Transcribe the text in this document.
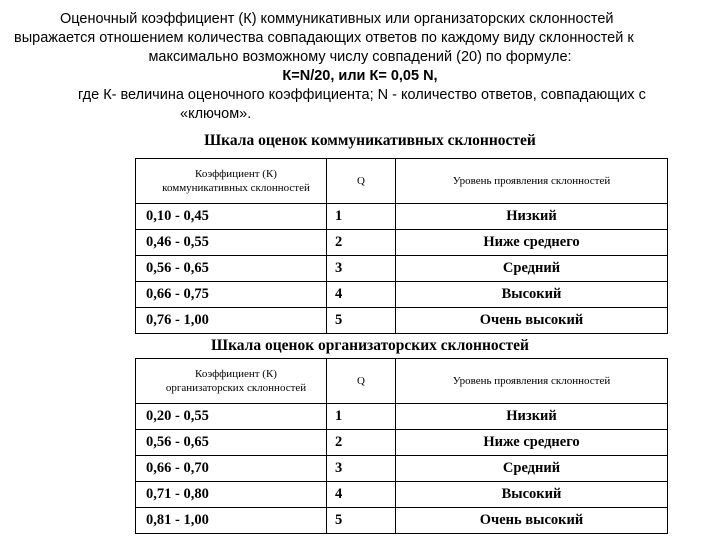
Оценочный коэффициент (К) коммуникативных или организаторских склонностей
выражается отношением количества совпадающих ответов по каждому виду склонностей к
максимально возможному числу совпадений (20) по формуле:
К=N/20, или К= 0,05 N,
где К- величина оценочного коэффициента; N - количество ответов, совпадающих с
«ключом».
Шкала оценок коммуникативных склонностей
Коэффициент (К)
коммуникативных склонностей	Q	Уровень проявления склонностей
0,10 - 0,45	1	Низкий
0,46 - 0,55	2	Ниже среднего
0,56 - 0,65	3	Средний
0,66 - 0,75	4	Высокий
0,76 - 1,00	5	Очень высокий
Шкала оценок организаторских склонностей
Коэффициент (К)
организаторских склонностей	Q	Уровень проявления склонностей
0,20 - 0,55	1	Низкий
0,56 - 0,65	2	Ниже среднего
0,66 - 0,70	3	Средний
0,71 - 0,80	4	Высокий
0,81 - 1,00	5	Очень высокий
